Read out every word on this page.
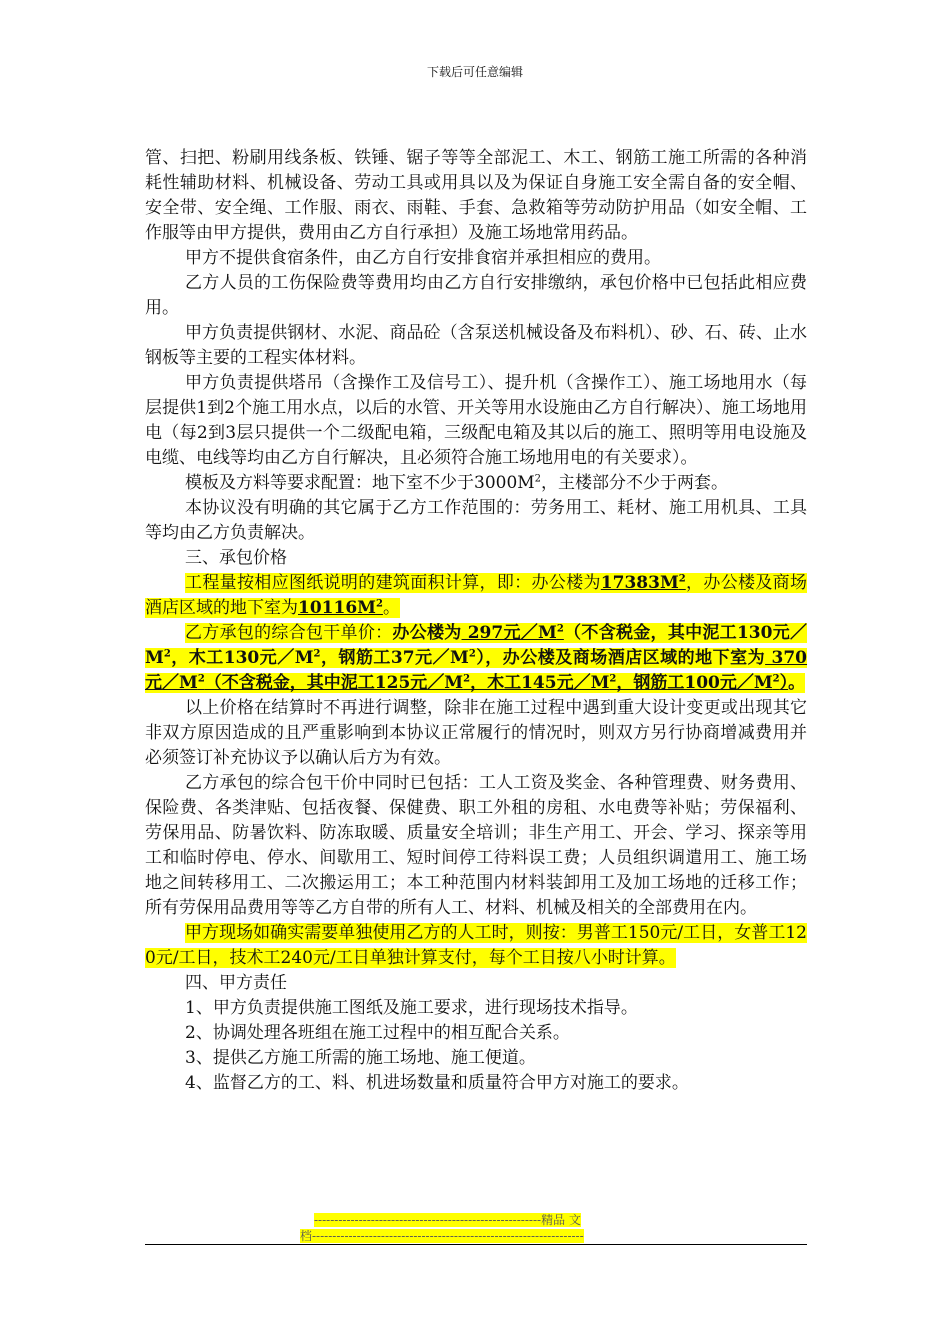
下载后可任意编辑

管、扫把、粉刷用线条板、铁锤、锯子等等全部泥工、木工、钢筋工施工所需的各种消耗性辅助材料、机械设备、劳动工具或用具以及为保证自身施工安全需自备的安全帽、安全带、安全绳、工作服、雨衣、雨鞋、手套、急救箱等劳动防护用品（如安全帽、工作服等由甲方提供，费用由乙方自行承担）及施工场地常用药品。

甲方不提供食宿条件，由乙方自行安排食宿并承担相应的费用。

乙方人员的工伤保险费等费用均由乙方自行安排缴纳，承包价格中已包括此相应费用。

甲方负责提供钢材、水泥、商品砼（含泵送机械设备及布料机）、砂、石、砖、止水钢板等主要的工程实体材料。

甲方负责提供塔吊（含操作工及信号工）、提升机（含操作工）、施工场地用水（每层提供1到2个施工用水点，以后的水管、开关等用水设施由乙方自行解决）、施工场地用电（每2到3层只提供一个二级配电箱，三级配电箱及其以后的施工、照明等用电设施及电缆、电线等均由乙方自行解决，且必须符合施工场地用电的有关要求）。

模板及方料等要求配置：地下室不少于$3000M^2$，主楼部分不少于两套。

本协议没有明确的其它属于乙方工作范围的：劳务用工、耗材、施工用机具、工具等均由乙方负责解决。

三、承包价格

工程量按相应图纸说明的建筑面积计算，即：办公楼为$17383M^2$，办公楼及商场酒店区域的地下室为$10116M^2$。

乙方承包的综合包干单价：办公楼为 297元$/M^2$（不含税金，其中泥工130元$/M^2$，木工130元$/M^2$，钢筋工37元$/M^2$），办公楼及商场酒店区域的地下室为 370元$/M^2$（不含税金，其中泥工125元$/M^2$，木工145元$/M^2$，钢筋工100元$/M^2$）。

以上价格在结算时不再进行调整，除非在施工过程中遇到重大设计变更或出现其它非双方原因造成的且严重影响到本协议正常履行的情况时，则双方另行协商增减费用并必须签订补充协议予以确认后方为有效。

乙方承包的综合包干价中同时已包括：工人工资及奖金、各种管理费、财务费用、保险费、各类津贴、包括夜餐、保健费、职工外租的房租、水电费等补贴；劳保福利、劳保用品、防暑饮料、防冻取暖、质量安全培训；非生产用工、开会、学习、探亲等用工和临时停电、停水、间歇用工、短时间停工待料误工费；人员组织调遣用工、施工场地之间转移用工、二次搬运用工；本工种范围内材料装卸用工及加工场地的迁移工作；所有劳保用品费用等等乙方自带的所有人工、材料、机械及相关的全部费用在内。

甲方现场如确实需要单独使用乙方的人工时，则按：男普工150元/工日，女普工120元/工日，技术工240元/工日单独计算支付，每个工日按八小时计算。

四、甲方责任

1、甲方负责提供施工图纸及施工要求，进行现场技术指导。

2、协调处理各班组在施工过程中的相互配合关系。

3、提供乙方施工所需的施工场地、施工便道。

4、监督乙方的工、料、机进场数量和质量符合甲方对施工的要求。

--------------------------------------------------------精品 文
档-------------------------------------------------------------------
